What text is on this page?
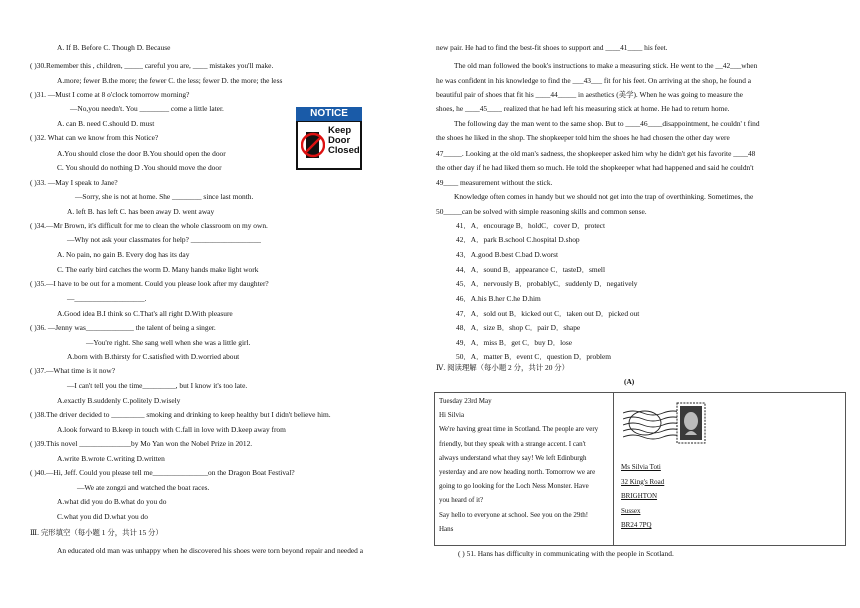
A. If B. Before C. Though D. Because
( )30.Remember this , children, _____ careful you are, ____ mistakes you'll make.
A.more; fewer B.the more; the fewer C. the less; fewer D. the more; the less
( )31. —Must I come at 8 o'clock tomorrow morning?
—No,you needn't. You ________ come a little later.
A. can B. need C.should D. must
( )32. What can we know from this Notice?
A.You should close the door B.You should open the door
C. You should do nothing D .You should move the door
( )33. —May I speak to Jane?
—Sorry, she is not at home. She ________ since last month.
A. left B. has left C. has been away D. went away
( )34.—Mr Brown, it's difficult for me to clean the whole classroom on my own.
—Why not ask your classmates for help? ___________________
A. No pain, no gain B. Every dog has its day
C. The early bird catches the worm D. Many hands make light work
( )35.—I have to be out for a moment. Could you please look after my daughter?
—___________________.
A.Good idea B.I think so C.That's all right D.With pleasure
( )36. —Jenny was_____________ the talent of being a singer.
—You're right. She sang well when she was a little girl.
A.born with B.thirsty for C.satisfied with D.worried about
( )37.—What time is it now?
—I can't tell you the time_________, but I know it's too late.
A.exactly B.suddenly C.politely D.wisely
( )38.The driver decided to _________ smoking and drinking to keep healthy but I didn't believe him.
A.look forward to B.keep in touch with C.fall in love with D.keep away from
( )39.This novel ______________by Mo Yan won the Nobel Prize in 2012.
A.write B.wrote C.writing D.written
( )40.—Hi, Jeff. Could you please tell me_______________on the Dragon Boat Festival?
—We ate zongzi and watched the boat races.
A.what did you do B.what do you do
C.what you did D.what you do
Ⅲ. 完形填空（每小题 1 分，共计 15 分）
An educated old man was unhappy when he discovered his shoes were torn beyond repair and needed a
NOTICE
Keep
Door
Closed
(A)
Ⅳ. 阅读理解（每小题 2 分，共计 20 分）
( ) 51. Hans has difficulty in communicating with the people in Scotland.
new pair. He had to find the best-fit shoes to support and ____41____ his feet.
The old man followed the book's instructions to make a measuring stick. He went to the __42___when
he was confident in his knowledge to find the ___43___ fit for his feet. On arriving at the shop, he found a
beautiful pair of shoes that fit his ____44_____ in aesthetics (美学). When he was going to measure the
shoes, he ____45____ realized that he had left his measuring stick at home. He had to return home.
The following day the man went to the same shop. But to ____46____disappointment, he couldn' t find
the shoes he liked in the shop. The shopkeeper told him the shoes he had chosen the other day were
47_____. Looking at the old man's sadness, the shopkeeper asked him why he didn't get his favorite ____48
the other day if he had liked them so much. He told the shopkeeper what had happened and said he couldn't
49____ measurement without the stick.
Knowledge often comes in handy but we should not get into the trap of overthinking. Sometimes, the
50_____can be solved with simple reasoning skills and common sense.
41．A．encourage B．holdC．cover D．protect
42．A．park B.school C.hospital D.shop
43．A.good B.best C.bad D.worst
44．A．sound B．appearance C．tasteD．smell
45．A．nervously B．probablyC．suddenly D．negatively
46．A.his B.her C.he D.him
47．A．sold out B．kicked out C．taken out D．picked out
48．A．size B．shop C．pair D．shape
49．A．miss B．get C．buy D．lose
50．A．matter B．event C．question D．problem
Tuesday 23rd May
Hi Silvia
We're having great time in Scotland. The people are very
friendly, but they speak with a strange accent. I can't
always understand what they say! We left Edinburgh
yesterday and are now heading north. Tomorrow we are
going to go looking for the Loch Ness Monster. Have
you heard of it?
Say hello to everyone at school. See you on the 29th!
Hans
Ms Silvia Toti
32 King's Road
BRIGHTON
Sussex
BR24 7PQ
